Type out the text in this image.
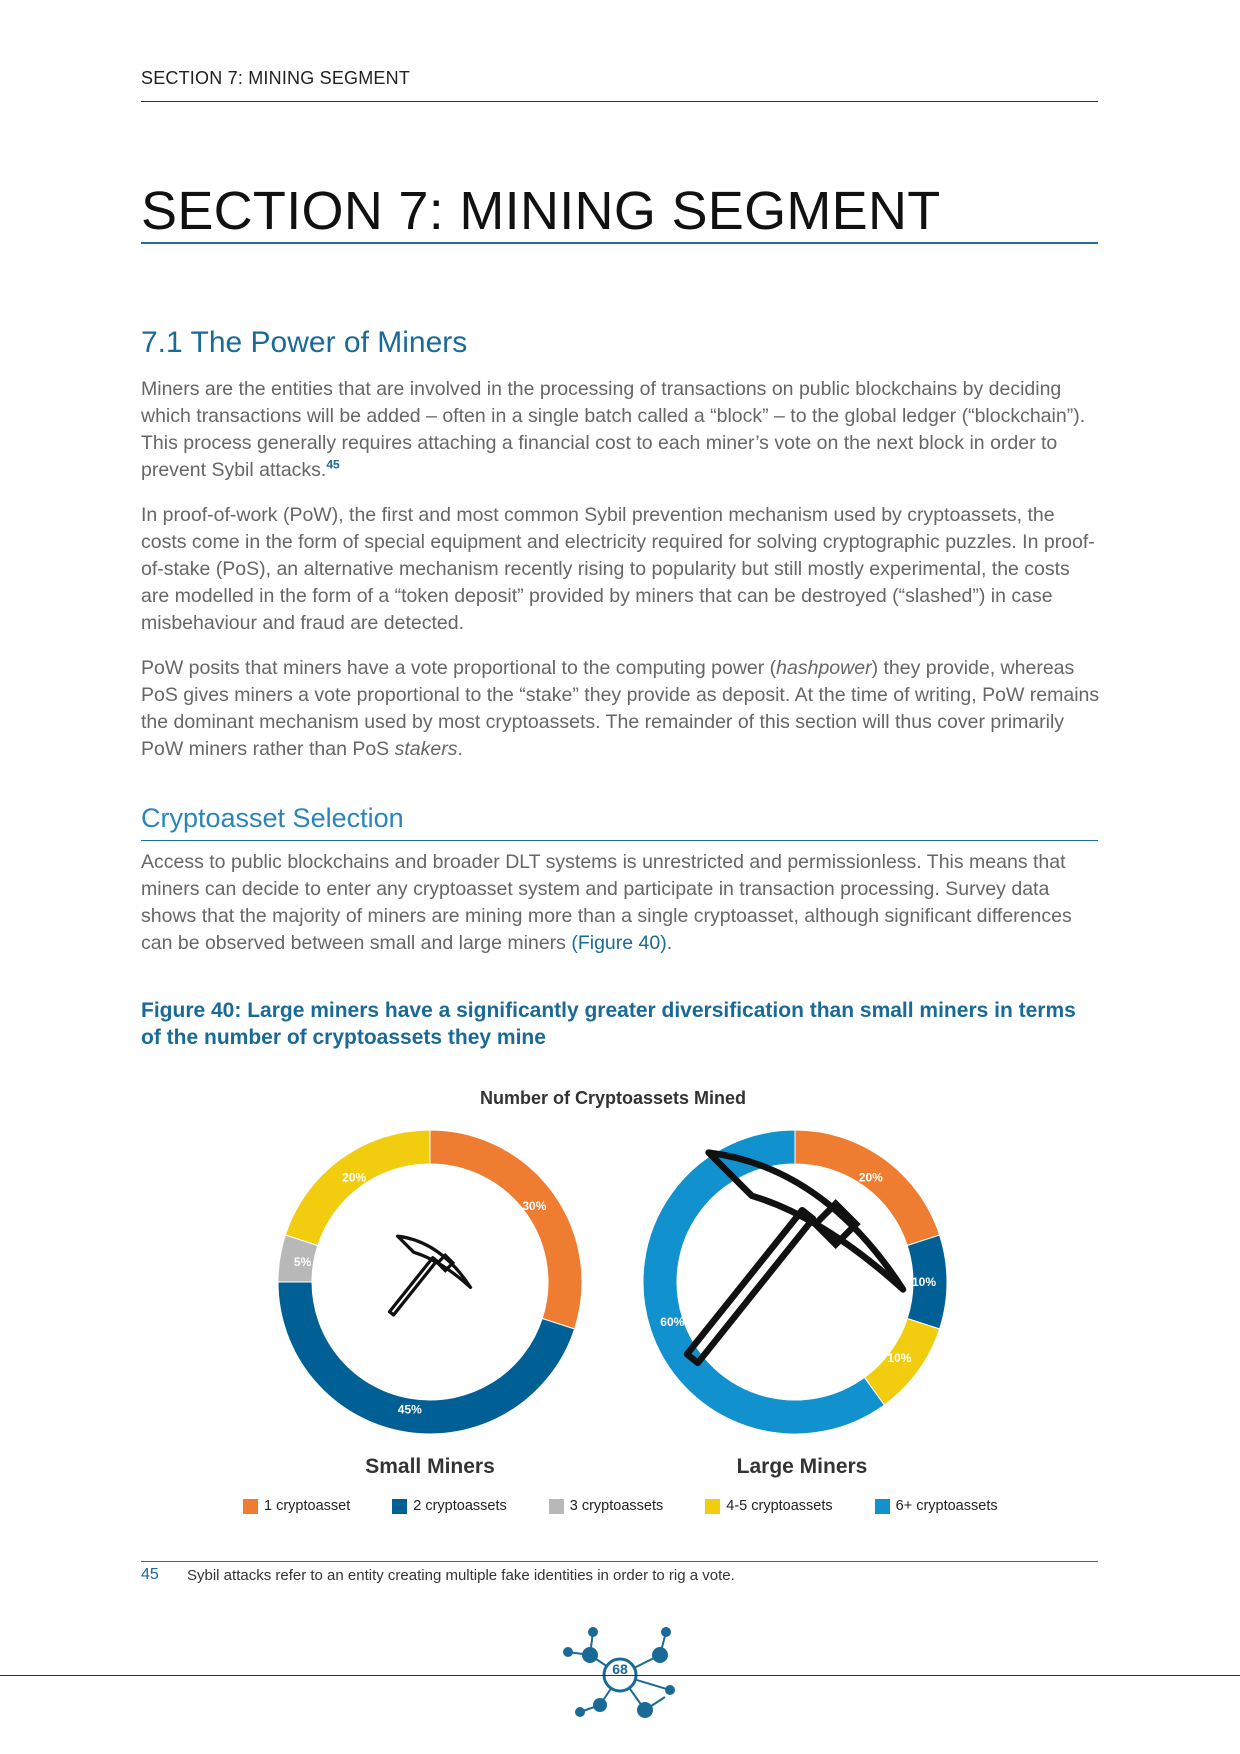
SECTION 7: MINING SEGMENT
SECTION 7: MINING SEGMENT
7.1 The Power of Miners

Miners are the entities that are involved in the processing of transactions on public blockchains by deciding which transactions will be added – often in a single batch called a “block” – to the global ledger (“blockchain”). This process generally requires attaching a financial cost to each miner’s vote on the next block in order to prevent Sybil attacks.$^{45}$

In proof-of-work (PoW), the first and most common Sybil prevention mechanism used by cryptoassets, the costs come in the form of special equipment and electricity required for solving cryptographic puzzles. In proof-of-stake (PoS), an alternative mechanism recently rising to popularity but still mostly experimental, the costs are modelled in the form of a “token deposit” provided by miners that can be destroyed (“slashed”) in case misbehaviour and fraud are detected.

PoW posits that miners have a vote proportional to the computing power (hashpower) they provide, whereas PoS gives miners a vote proportional to the “stake” they provide as deposit. At the time of writing, PoW remains the dominant mechanism used by most cryptoassets. The remainder of this section will thus cover primarily PoW miners rather than PoS stakers.

Cryptoasset Selection

Access to public blockchains and broader DLT systems is unrestricted and permissionless. This means that miners can decide to enter any cryptoasset system and participate in transaction processing. Survey data shows that the majority of miners are mining more than a single cryptoasset, although significant differences can be observed between small and large miners (Figure 40).

Figure 40: Large miners have a significantly greater diversification than small miners in terms of the number of cryptoassets they mine

Number of Cryptoassets Mined
30%
45%
5%
20%	20%
10%
10%
60%
Small Miners	Large Miners
1 cryptoasset	2 cryptoassets	3 cryptoassets	4-5 cryptoassets	6+ cryptoassets
45 Sybil attacks refer to an entity creating multiple fake identities in order to rig a vote.
68
